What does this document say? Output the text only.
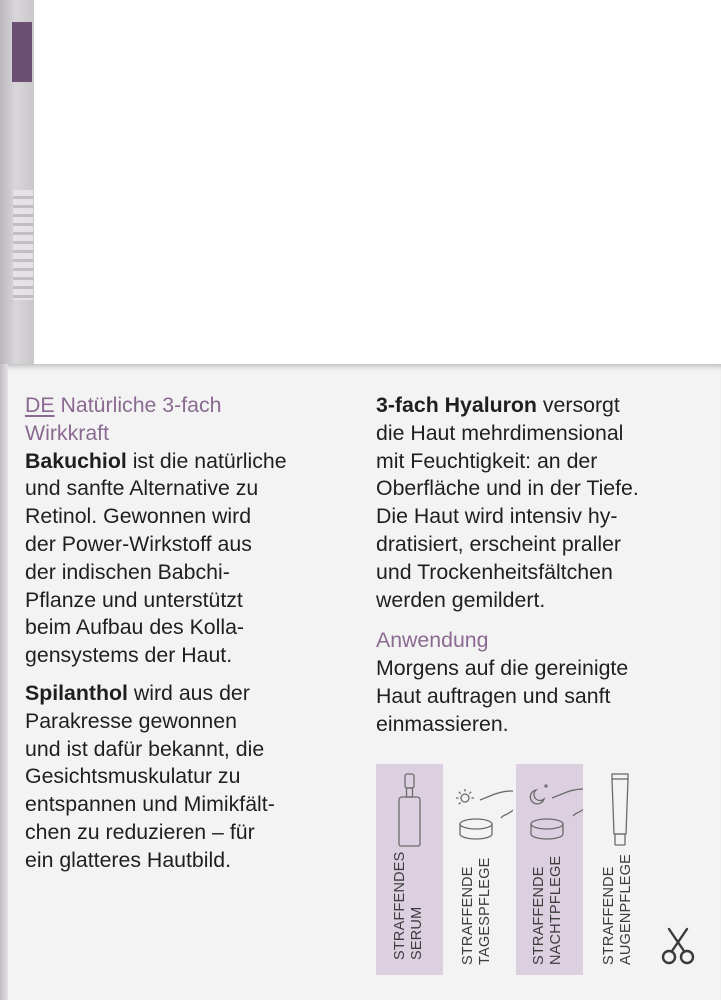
DE Natürliche 3-fach
Wirkkraft

Bakuchiol ist die natürliche
und sanfte Alternative zu
Retinol. Gewonnen wird
der Power-Wirkstoff aus
der indischen Babchi-
Pflanze und unterstützt
beim Aufbau des Kolla-
gensystems der Haut.

Spilanthol wird aus der
Parakresse gewonnen
und ist dafür bekannt, die
Gesichtsmuskulatur zu
entspannen und Mimikfält-
chen zu reduzieren – für
ein glatteres Hautbild.

3-fach Hyaluron versorgt
die Haut mehrdimensional
mit Feuchtigkeit: an der
Oberfläche und in der Tiefe.
Die Haut wird intensiv hy-
dratisiert, erscheint praller
und Trockenheitsfältchen
werden gemildert.

Anwendung

Morgens auf die gereinigte
Haut auftragen und sanft
einmassieren.

STRAFFENDES SERUM STRAFFENDE TAGESPFLEGE	STRAFFENDE NACHTPFLEGE	STRAFFENDE AUGENPFLEGE
